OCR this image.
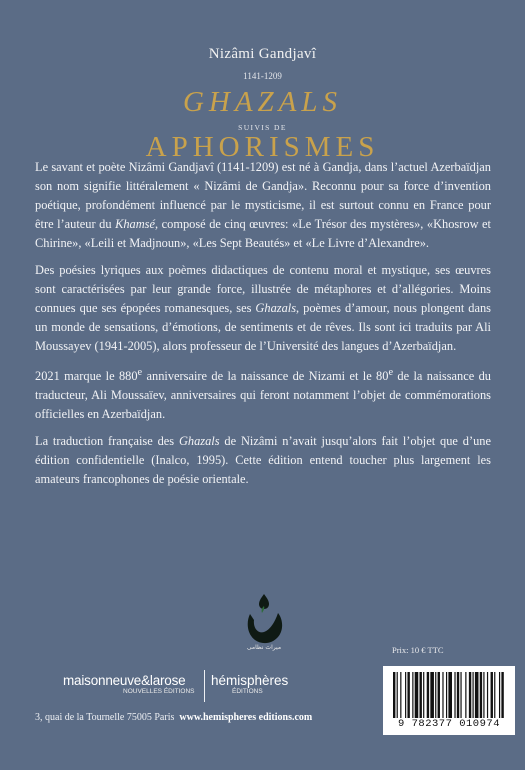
Nizâmi Gandjavî
1141-1209
GHAZALS
SUIVIS DE
APHORISMES

Le savant et poète Nizâmi Gandjavî (1141-1209) est né à Gandja, dans l’actuel Azerbaïdjan son nom signifie littéralement « Nizâmi de Gandja». Reconnu pour sa force d’invention poétique, profondément influencé par le mysticisme, il est surtout connu en France pour être l’auteur du Khamsé, composé de cinq œuvres: «Le Trésor des mystères», «Khosrow et Chirine», «Leili et Madjnoun», «Les Sept Beautés» et «Le Livre d’Alexandre».

Des poésies lyriques aux poèmes didactiques de contenu moral et mystique, ses œuvres sont caractérisées par leur grande force, illustrée de métaphores et d’allégories. Moins connues que ses épopées romanesques, ses Ghazals, poèmes d’amour, nous plongent dans un monde de sensations, d’émotions, de sentiments et de rêves. Ils sont ici traduits par Ali Moussayev (1941-2005), alors professeur de l’Université des langues d’Azerbaïdjan.

2021 marque le 880e anniversaire de la naissance de Nizami et le 80e de la naissance du traducteur, Ali Moussaïev, anniversaires qui feront notamment l’objet de commémorations officielles en Azerbaïdjan.

La traduction française des Ghazals de Nizâmi n’avait jusqu’alors fait l’objet que d’une édition confidentielle (Inalco, 1995). Cette édition entend toucher plus largement les amateurs francophones de poésie orientale.

میراث نظامی	Prix: 10 € TTC
maisonneuve&larose
NOUVELLES ÉDITIONS
hémisphères
ÉDITIONS
3, quai de la Tournelle 75005 Paris www.hemispheres editions.com
9 782377 010974
